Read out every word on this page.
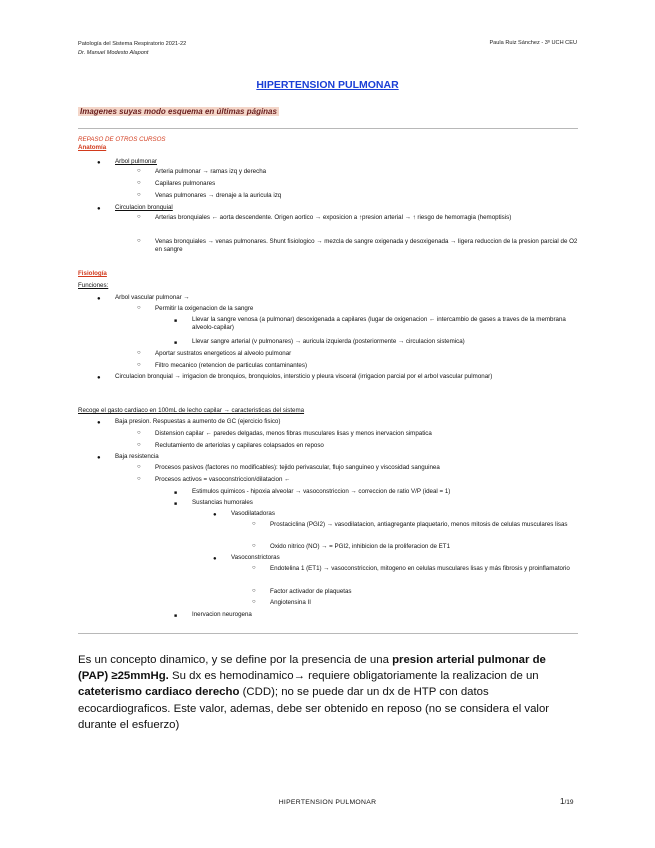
Patología del Sistema Respiratorio 2021-22
Dr. Manuel Modesto Alapont
Paula Ruiz Sánchez - 3º UCH CEU
HIPERTENSION PULMONAR
Imagenes suyas modo esquema en últimas páginas
REPASO DE OTROS CURSOS
Anatomía
● Arbol pulmonar
○ Arteria pulmonar → ramas izq y derecha
○ Capilares pulmonares
○ Venas pulmonares → drenaje a la auricula izq
● Circulacion bronquial
○ Arterias bronquiales ← aorta descendente. Origen aortico → exposicion a ↑presion arterial → ↑ riesgo de hemorragia (hemoptisis)
○ Venas bronquiales → venas pulmonares. Shunt fisiologico → mezcla de sangre oxigenada y desoxigenada → ligera reduccion de la presion parcial de O2 en sangre
Fisiología
Funciones:
● Arbol vascular pulmonar →
○ Permitir la oxigenacion de la sangre
■ Llevar la sangre venosa (a pulmonar) desoxigenada a capilares (lugar de oxigenacion ← intercambio de gases a traves de la membrana alveolo-capilar)
■ Llevar sangre arterial (v pulmonares) → auricula izquierda (posteriormente → circulacion sistemica)
○ Aportar sustratos energeticos al alveolo pulmonar
○ Filtro mecanico (retencion de particulas contaminantes)
● Circulacion bronquial → irrigacion de bronquios, bronquiolos, intersticio y pleura visceral (irrigacion parcial por el arbol vascular pulmonar)
Recoge el gasto cardiaco en 100mL de lecho capilar → caracteristicas del sistema
● Baja presion. Respuestas a aumento de GC (ejercicio fisico)
○ Distension capilar ← paredes delgadas, menos fibras musculares lisas y menos inervacion simpatica
○ Reclutamiento de arteriolas y capilares colapsados en reposo
● Baja resistencia
○ Procesos pasivos (factores no modificables): tejido perivascular, flujo sanguineo y viscosidad sanguinea
○ Procesos activos = vasoconstriccion/dilatacion ←
■ Estimulos quimicos - hipoxia alveolar → vasoconstriccion → correccion de ratio V/P (ideal = 1)
■ Sustancias humorales
● Vasodilatadoras
○ Prostaciclina (PGI2) → vasodilatacion, antiagregante plaquetario, menos mitosis de celulas musculares lisas
○ Oxido nitrico (NO) → = PGI2, inhibicion de la proliferacion de ET1
● Vasoconstrictoras
○ Endotelina 1 (ET1) → vasoconstriccion, mitogeno en celulas musculares lisas y más fibrosis y proinflamatorio
○ Factor activador de plaquetas
○ Angiotensina II
■ Inervacion neurogena
Es un concepto dinamico, y se define por la presencia de una presion arterial pulmonar de (PAP) ≥25mmHg. Su dx es hemodinamico→ requiere obligatoriamente la realizacion de un cateterismo cardiaco derecho (CDD); no se puede dar un dx de HTP con datos ecocardiograficos. Este valor, ademas, debe ser obtenido en reposo (no se considera el valor durante el esfuerzo)
HIPERTENSION PULMONAR	1/19
